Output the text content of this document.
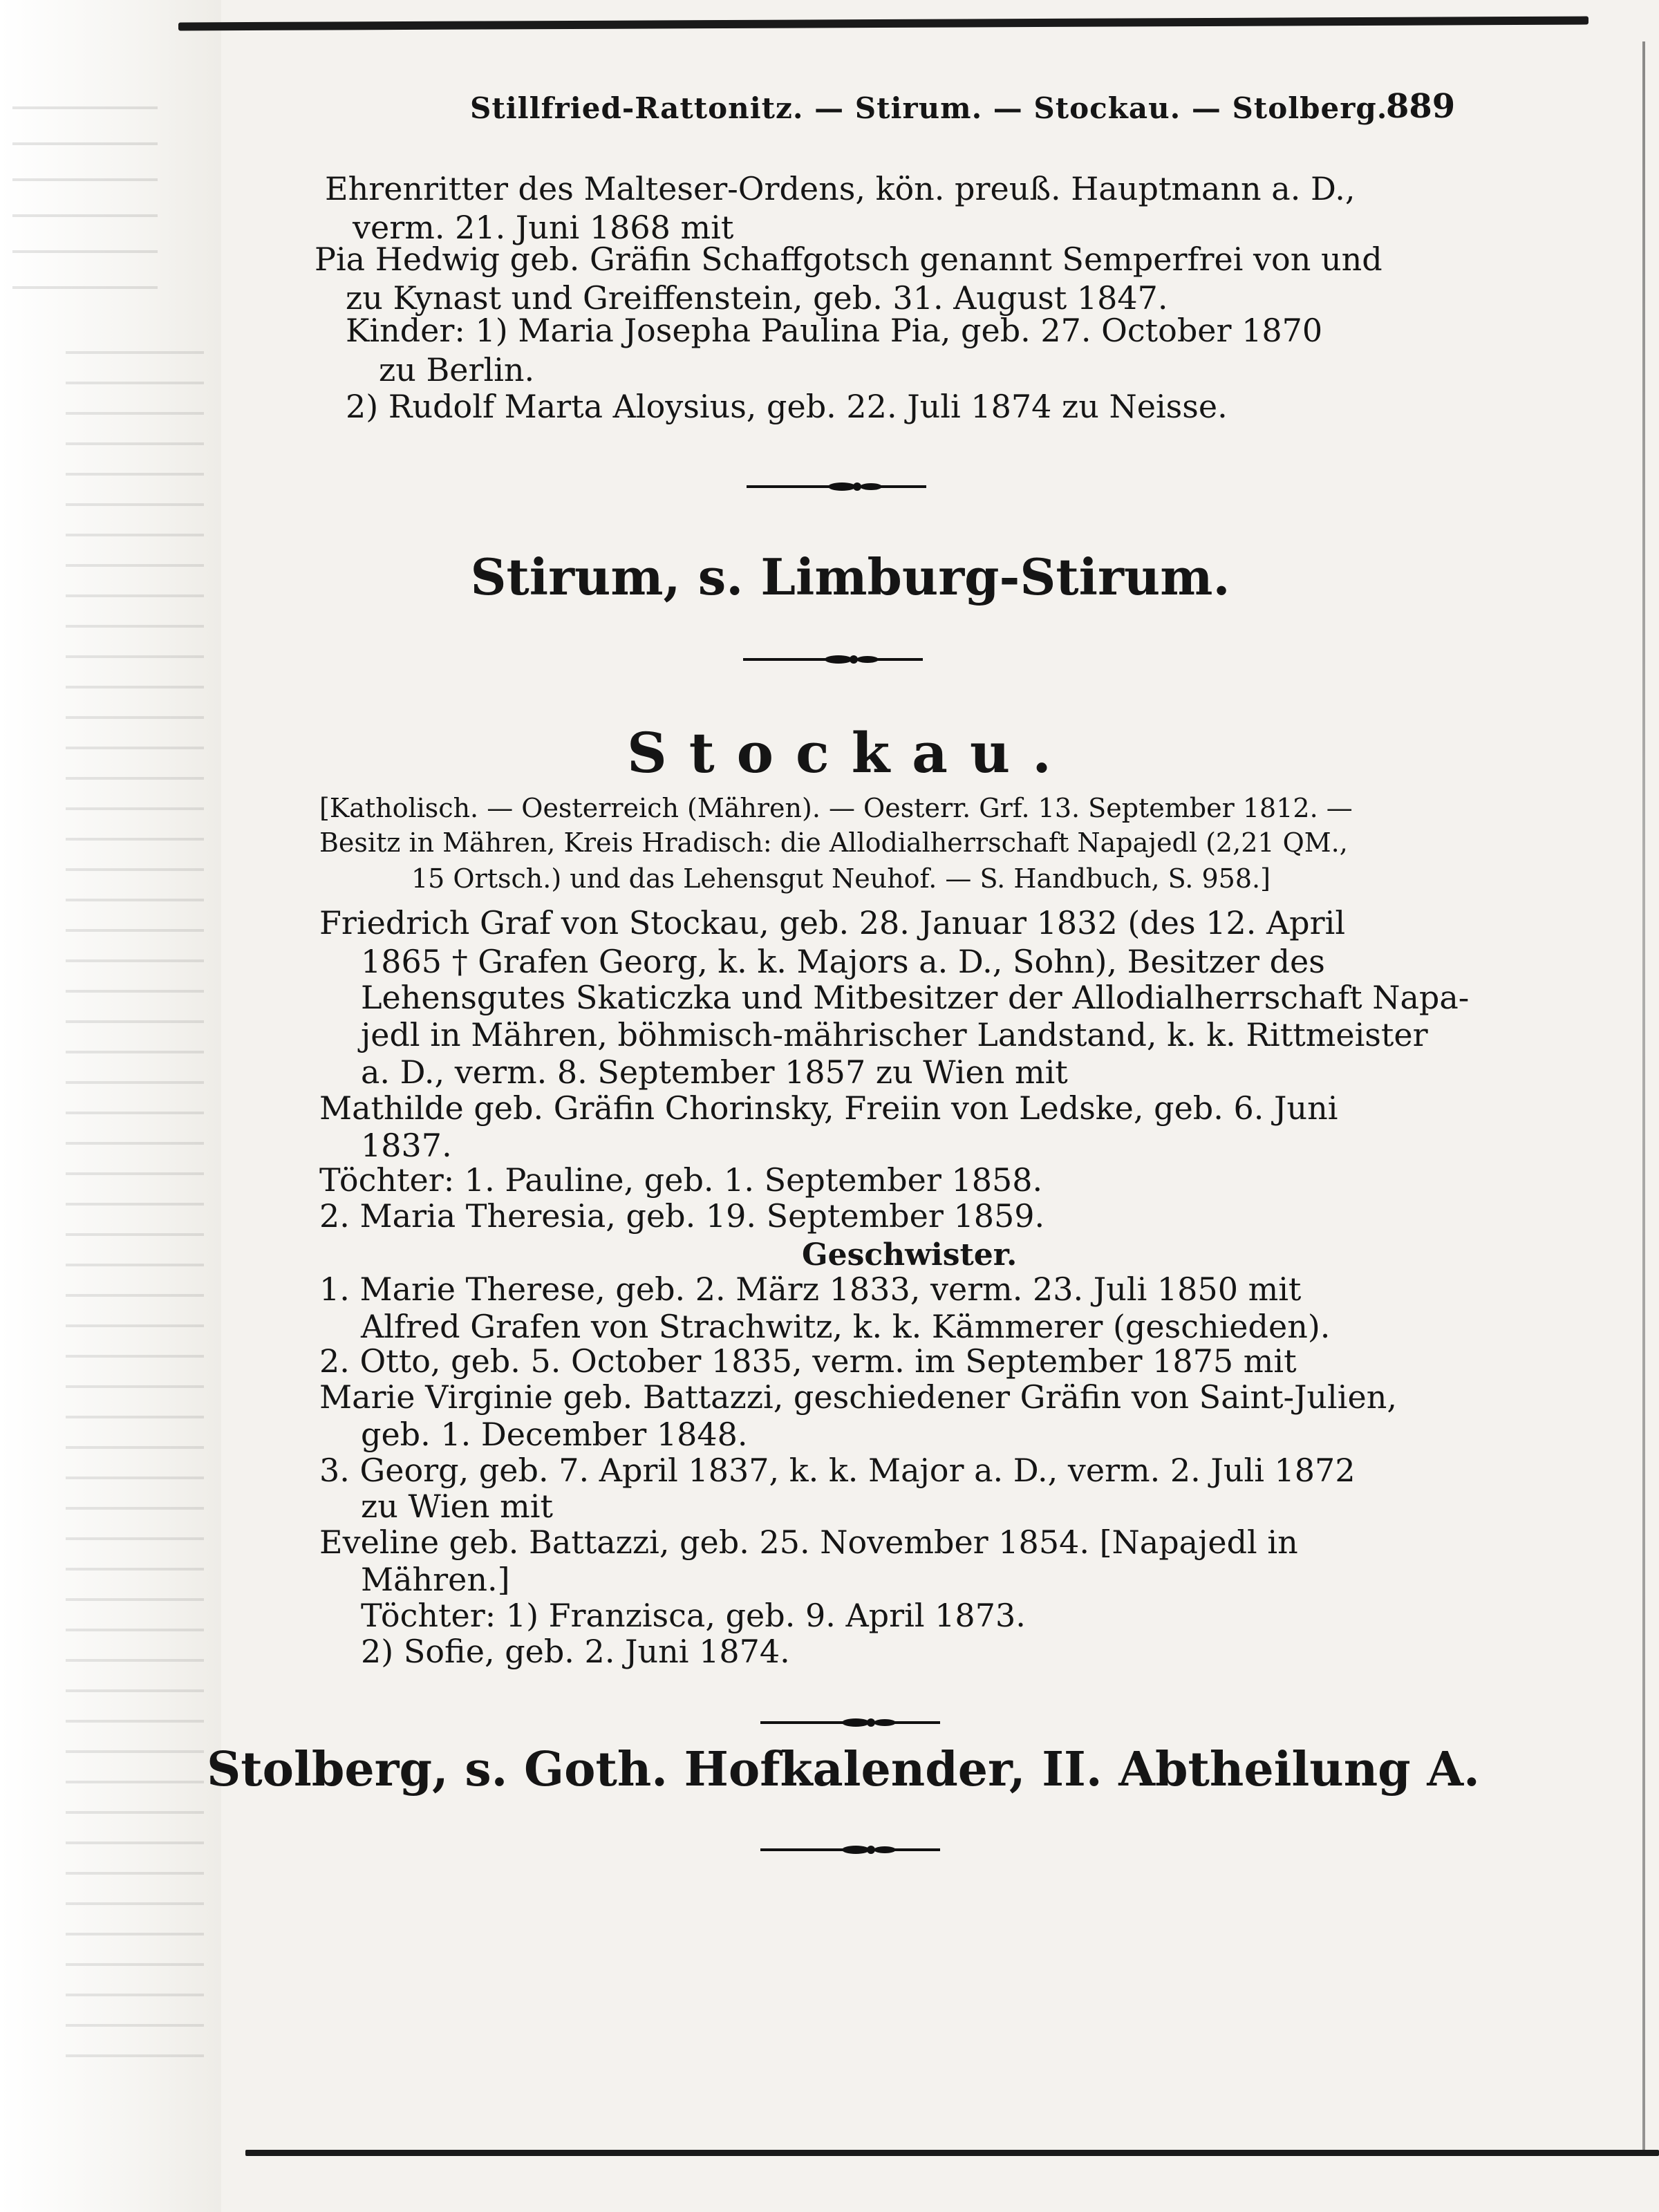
Stillfried-Rattonitz. — Stirum. — Stockau. — Stolberg.
889
Ehrenritter des Malteser-Ordens, kön. preuß. Hauptmann a. D.,
verm. 21. Juni 1868 mit
Pia Hedwig geb. Gräfin Schaffgotsch genannt Semperfrei von und
zu Kynast und Greiffenstein, geb. 31. August 1847.
Kinder: 1) Maria Josepha Paulina Pia, geb. 27. October 1870
zu Berlin.
2) Rudolf Marta Aloysius, geb. 22. Juli 1874 zu Neisse.
Stirum, s. Limburg-Stirum.
Stockau.
[Katholisch. — Oesterreich (Mähren). — Oesterr. Grf. 13. September 1812. —
Besitz in Mähren, Kreis Hradisch: die Allodialherrschaft Napajedl (2,21 QM.,
15 Ortsch.) und das Lehensgut Neuhof. — S. Handbuch, S. 958.]
Friedrich Graf von Stockau, geb. 28. Januar 1832 (des 12. April
1865 † Grafen Georg, k. k. Majors a. D., Sohn), Besitzer des
Lehensgutes Skaticzka und Mitbesitzer der Allodialherrschaft Napa-
jedl in Mähren, böhmisch-mährischer Landstand, k. k. Rittmeister
a. D., verm. 8. September 1857 zu Wien mit
Mathilde geb. Gräfin Chorinsky, Freiin von Ledske, geb. 6. Juni
1837.
Töchter: 1. Pauline, geb. 1. September 1858.
2. Maria Theresia, geb. 19. September 1859.
Geschwister.
1. Marie Therese, geb. 2. März 1833, verm. 23. Juli 1850 mit
Alfred Grafen von Strachwitz, k. k. Kämmerer (geschieden).
2. Otto, geb. 5. October 1835, verm. im September 1875 mit
Marie Virginie geb. Battazzi, geschiedener Gräfin von Saint-Julien,
geb. 1. December 1848.
3. Georg, geb. 7. April 1837, k. k. Major a. D., verm. 2. Juli 1872
zu Wien mit
Eveline geb. Battazzi, geb. 25. November 1854. [Napajedl in
Mähren.]
Töchter: 1) Franzisca, geb. 9. April 1873.
2) Sofie, geb. 2. Juni 1874.
Stolberg, s. Goth. Hofkalender, II. Abtheilung A.
